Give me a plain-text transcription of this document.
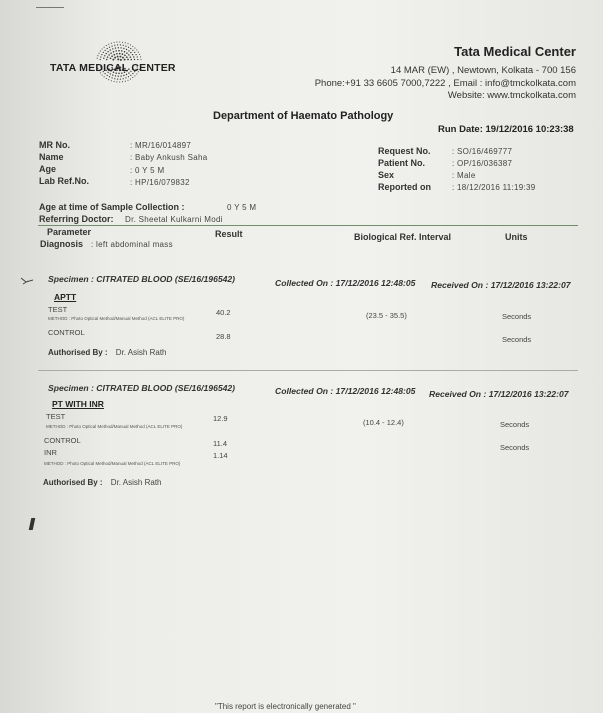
TATA MEDICAL CENTER
Tata Medical Center
14 MAR (EW) , Newtown, Kolkata - 700 156
Phone:+91 33 6605 7000,7222 , Email : info@tmckolkata.com
Website: www.tmckolkata.com
Department of Haemato Pathology
Run Date: 19/12/2016 10:23:38
MR No.	: MR/16/014897
Name	: Baby Ankush Saha
Age	: 0 Y 5 M
Lab Ref.No.	: HP/16/079832
Request No.	: SO/16/469777
Patient No.	: OP/16/036387
Sex	: Male
Reported on	: 18/12/2016 11:19:39
Age at time of Sample Collection :	0 Y 5 M
Referring Doctor: Dr. Sheetal Kulkarni Modi
Parameter	Result	Biological Ref. Interval	Units
Diagnosis : left abdominal mass
Specimen : CITRATED BLOOD (SE/16/196542)	Collected On : 17/12/2016 12:48:05 Received On : 17/12/2016 13:22:07
APTT
TEST
METHOD : Photo Optical Method/Manual Method (ACL ELITE PRO)
40.2	(23.5 - 35.5)	Seconds
CONTROL	28.8	Seconds
Authorised By : Dr. Asish Rath
Specimen : CITRATED BLOOD (SE/16/196542)	Collected On : 17/12/2016 12:48:05 Received On : 17/12/2016 13:22:07
PT WITH INR
TEST
METHOD : Photo Optical Method/Manual Method (ACL ELITE PRO)
12.9	(10.4 - 12.4)	Seconds
CONTROL	11.4	Seconds
INR	1.14
METHOD : Photo Optical Method/Manual Method (ACL ELITE PRO)
Authorised By : Dr. Asish Rath
"This report is electronically generated "
